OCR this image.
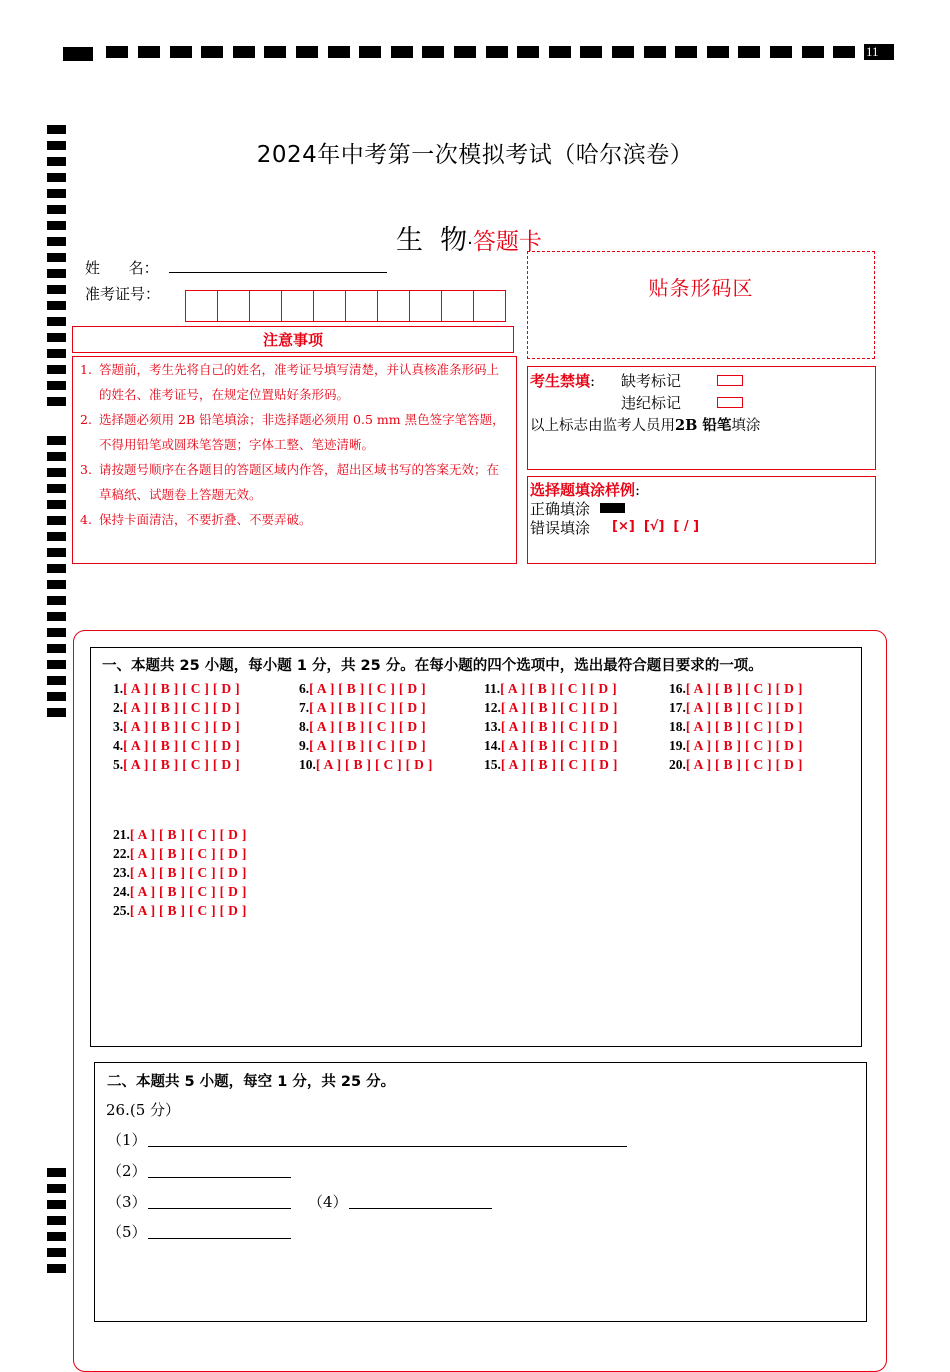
11
2024年中考第一次模拟考试（哈尔滨卷）
生  物·答题卡
姓      名：
准考证号：
注意事项
1. 答题前，考生先将自己的姓名，准考证号填写清楚，并认真核准条形码上的姓名、准考证号，在规定位置贴好条形码。
2. 选择题必须用 2B 铅笔填涂；非选择题必须用 0.5 mm 黑色签字笔答题，不得用铅笔或圆珠笔答题；字体工整、笔迹清晰。
3. 请按题号顺序在各题目的答题区域内作答，超出区域书写的答案无效；在草稿纸、试题卷上答题无效。
4. 保持卡面清洁，不要折叠、不要弄破。
贴条形码区
考生禁填: 缺考标记
违纪标记
以上标志由监考人员用2B 铅笔填涂
选择题填涂样例:
正确填涂
错误填涂 [×]  [√]  [ / ]
一、本题共 25 小题，每小题 1 分，共 25 分。在每小题的四个选项中，选出最符合题目要求的一项。
1.[ A ] [ B ] [ C ] [ D ]
2.[ A ] [ B ] [ C ] [ D ]
3.[ A ] [ B ] [ C ] [ D ]
4.[ A ] [ B ] [ C ] [ D ]
5.[ A ] [ B ] [ C ] [ D ]
6.[ A ] [ B ] [ C ] [ D ]
7.[ A ] [ B ] [ C ] [ D ]
8.[ A ] [ B ] [ C ] [ D ]
9.[ A ] [ B ] [ C ] [ D ]
10.[ A ] [ B ] [ C ] [ D ]
11.[ A ] [ B ] [ C ] [ D ]
12.[ A ] [ B ] [ C ] [ D ]
13.[ A ] [ B ] [ C ] [ D ]
14.[ A ] [ B ] [ C ] [ D ]
15.[ A ] [ B ] [ C ] [ D ]
16.[ A ] [ B ] [ C ] [ D ]
17.[ A ] [ B ] [ C ] [ D ]
18.[ A ] [ B ] [ C ] [ D ]
19.[ A ] [ B ] [ C ] [ D ]
20.[ A ] [ B ] [ C ] [ D ]
21.[ A ] [ B ] [ C ] [ D ]
22.[ A ] [ B ] [ C ] [ D ]
23.[ A ] [ B ] [ C ] [ D ]
24.[ A ] [ B ] [ C ] [ D ]
25.[ A ] [ B ] [ C ] [ D ]
二、本题共 5 小题，每空 1 分，共 25 分。
26.(5 分）
（1）
（2）
（3）	（4）
（5）
